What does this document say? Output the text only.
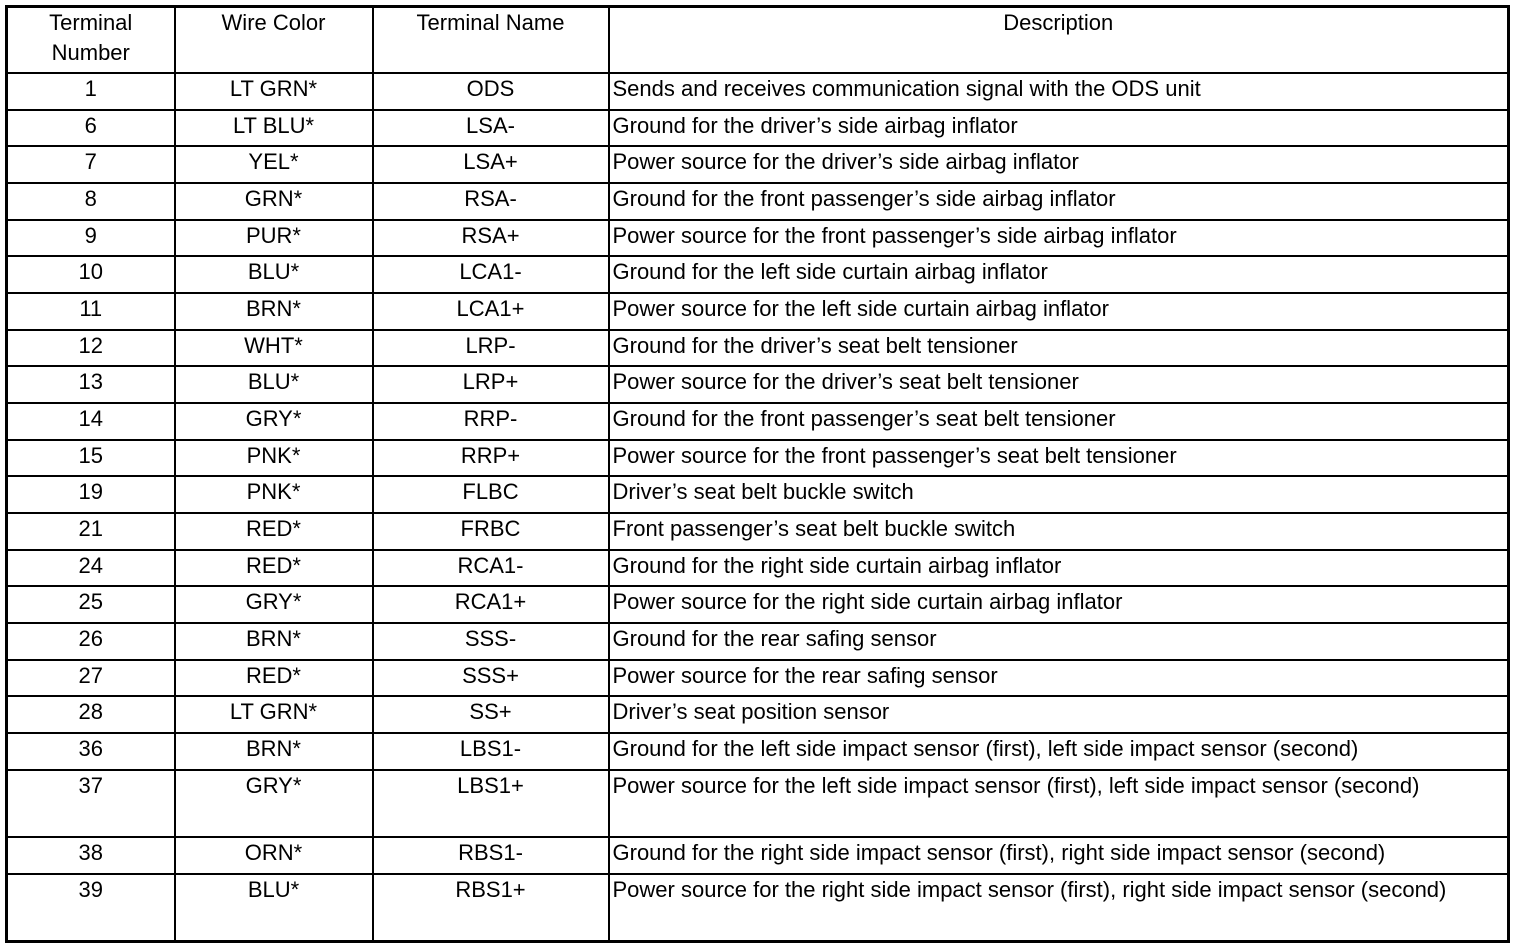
Terminal Number	Wire Color	Terminal Name	Description
1	LT GRN*	ODS	Sends and receives communication signal with the ODS unit
6	LT BLU*	LSA-	Ground for the driver’s side airbag inflator
7	YEL*	LSA+	Power source for the driver’s side airbag inflator
8	GRN*	RSA-	Ground for the front passenger’s side airbag inflator
9	PUR*	RSA+	Power source for the front passenger’s side airbag inflator
10	BLU*	LCA1-	Ground for the left side curtain airbag inflator
11	BRN*	LCA1+	Power source for the left side curtain airbag inflator
12	WHT*	LRP-	Ground for the driver’s seat belt tensioner
13	BLU*	LRP+	Power source for the driver’s seat belt tensioner
14	GRY*	RRP-	Ground for the front passenger’s seat belt tensioner
15	PNK*	RRP+	Power source for the front passenger’s seat belt tensioner
19	PNK*	FLBC	Driver’s seat belt buckle switch
21	RED*	FRBC	Front passenger’s seat belt buckle switch
24	RED*	RCA1-	Ground for the right side curtain airbag inflator
25	GRY*	RCA1+	Power source for the right side curtain airbag inflator
26	BRN*	SSS-	Ground for the rear safing sensor
27	RED*	SSS+	Power source for the rear safing sensor
28	LT GRN*	SS+	Driver’s seat position sensor
36	BRN*	LBS1-	Ground for the left side impact sensor (first), left side impact sensor (second)
37	GRY*	LBS1+	Power source for the left side impact sensor (first), left side impact sensor (second)
38	ORN*	RBS1-	Ground for the right side impact sensor (first), right side impact sensor (second)
39	BLU*	RBS1+	Power source for the right side impact sensor (first), right side impact sensor (second)
